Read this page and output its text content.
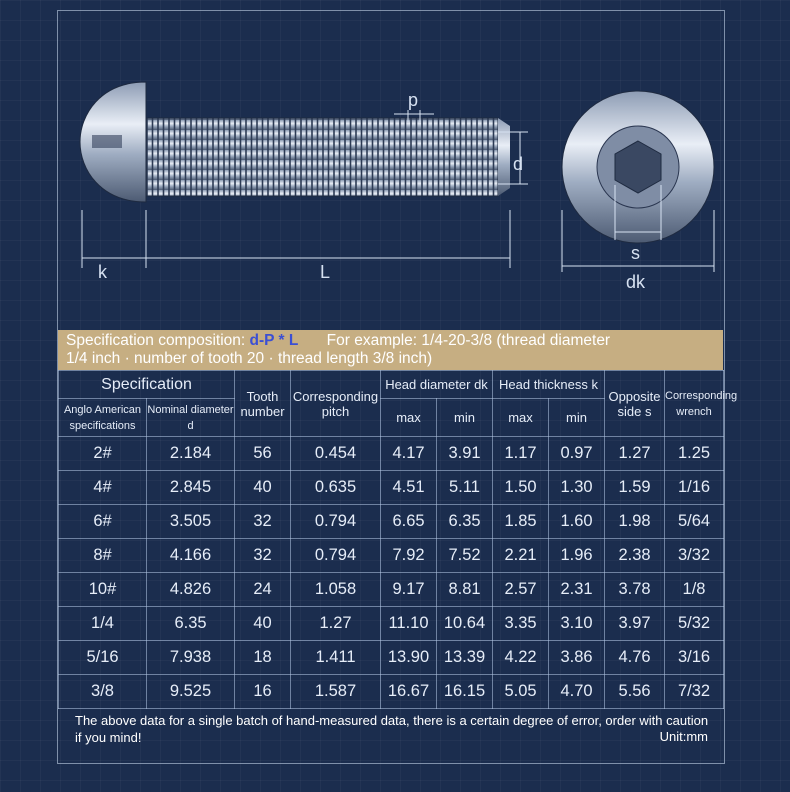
p
d
k	L
s
dk
Specification composition: d-P * L For example: 1/4-20-3/8 (thread diameter
1/4 inch · number of tooth 20 · thread length 3/8 inch)
Specification		Tooth number	Corresponding pitch	Head diameter dk		Head thickness k		Opposite side s	Corresponding wrench
Anglo American specifications	Nominal diameter d			max	min	max	min		
2#	2.184	56	0.454	4.17	3.91	1.17	0.97	1.27	1.25
4#	2.845	40	0.635	4.51	5.11	1.50	1.30	1.59	1/16
6#	3.505	32	0.794	6.65	6.35	1.85	1.60	1.98	5/64
8#	4.166	32	0.794	7.92	7.52	2.21	1.96	2.38	3/32
10#	4.826	24	1.058	9.17	8.81	2.57	2.31	3.78	1/8
1/4	6.35	40	1.27	11.10	10.64	3.35	3.10	3.97	5/32
5/16	7.938	18	1.411	13.90	13.39	4.22	3.86	4.76	3/16
3/8	9.525	16	1.587	16.67	16.15	5.05	4.70	5.56	7/32
The above data for a single batch of hand-measured data, there is a certain degree of error, order with caution if you mind!	Unit:mm
